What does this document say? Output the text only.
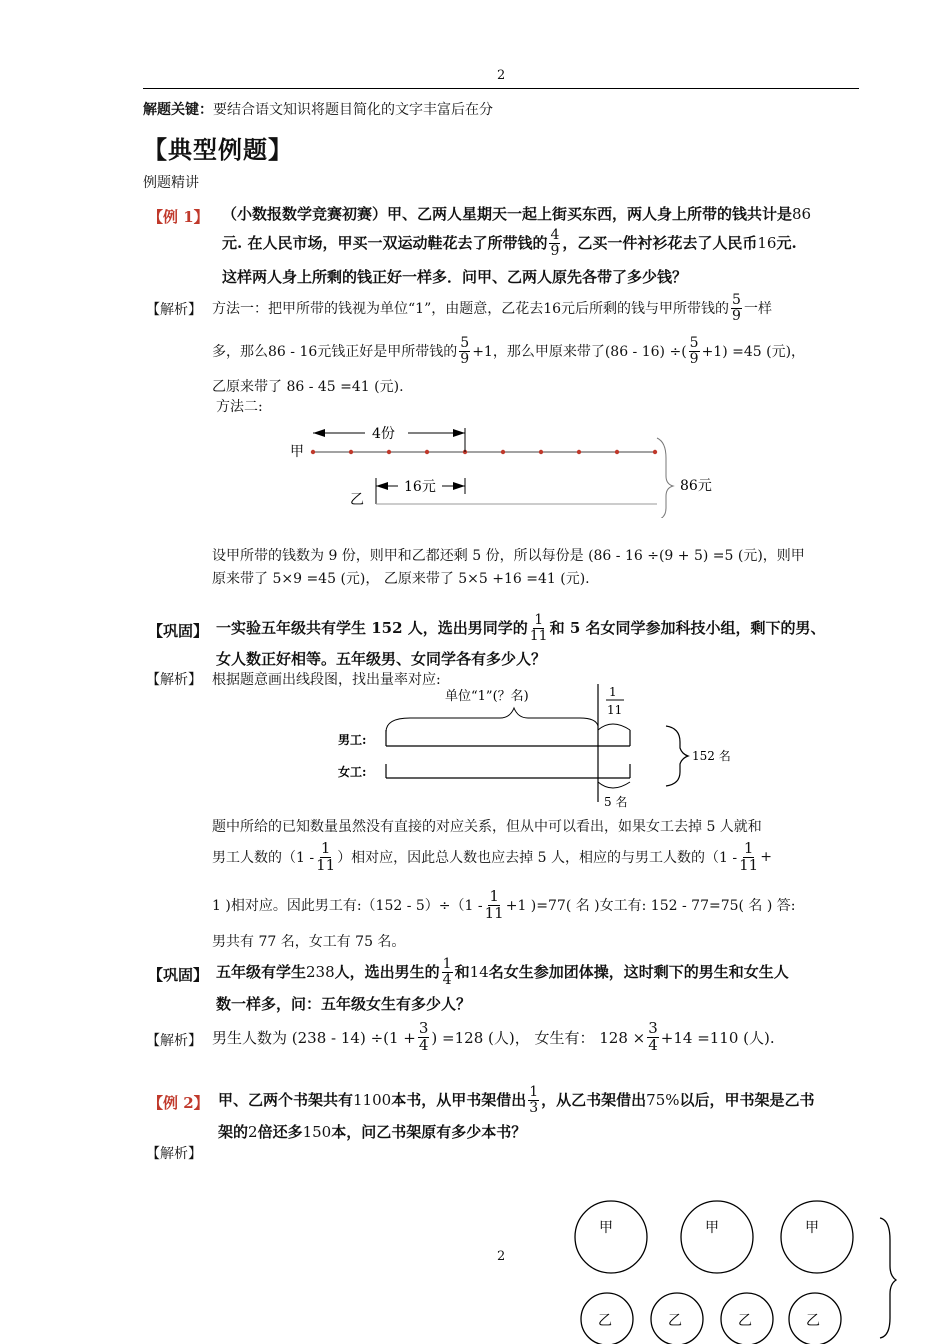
2
解题关键：要结合语文知识将题目简化的文字丰富后在分
【典型例题】
例题精讲
【例 1】 （小数报数学竞赛初赛）甲、乙两人星期天一起上街买东西，两人身上所带的钱共计是86
元. 在人民市场，甲买一双运动鞋花去了所带钱的 $\frac{4}{9}$ ，乙买一件衬衫花去了人民币 16 元.
这样两人身上所剩的钱正好一样多．问甲、乙两人原先各带了多少钱？
【解析】 方法一：把甲所带的钱视为单位“1”，由题意，乙花去16元后所剩的钱与甲所带钱的 $\frac{5}{9}$ 一样
多，那么86 - 16元钱正好是甲所带钱的 $\frac{5}{9} +1$，那么甲原来带了(86 - 16) ÷( $\frac{5}{9} +1) =45$ (元)，
乙原来带了 86 - 45 =41 (元).
方法二:
甲
4份
乙
16元	86元
设甲所带的钱数为 9 份，则甲和乙都还剩 5 份，所以每份是 (86 - 16 ÷(9 + 5) =5 (元)，则甲
原来带了 5×9 =45 (元)， 乙原来带了 5×5 +16 =41 (元).
【巩固】 一实验五年级共有学生 152 人，选出男同学的 $\frac{1}{11}$ 和 5 名女同学参加科技小组，剩下的男、
女人数正好相等。五年级男、女同学各有多少人？
【解析】 根据题意画出线段图，找出量率对应:
单位“1”(？名)	1
11
男工:
女工:
5 名
152 名
题中所给的已知数量虽然没有直接的对应关系，但从中可以看出，如果女工去掉 5 人就和
男工人数的（$1 - \frac{1}{11}$ ）相对应，因此总人数也应去掉 5 人，相应的与男工人数的（$1 - \frac{1}{11}$ +
1 )相对应。因此男工有:（152 - $5)\div(1 - \frac{1}{11} +1$ )=77( 名 )女工有: 152 - 77=75( 名 ) 答:
男共有 77 名，女工有 75 名。
【巩固】 五年级有学生 238 人，选出男生的 $\frac{1}{4}$ 和 14 名女生参加团体操，这时剩下的男生和女生人
数一样多，问：五年级女生有多少人？
【解析】 男生人数为 $(238 - 14) \div(1 + \frac{3}{4}$ ) =128 (人)， 女生有： $128 \times \frac{3}{4} +14 =110$ (人).
【例 2】 甲、乙两个书架共有 1100 本书，从甲书架借出 $\frac{1}{3}$ ，从乙书架借出 75% 以后，甲书架是乙书
架的2倍还多150本，问乙书架原有多少本书？
【解析】
2
甲	甲	甲
乙	乙	乙	乙
